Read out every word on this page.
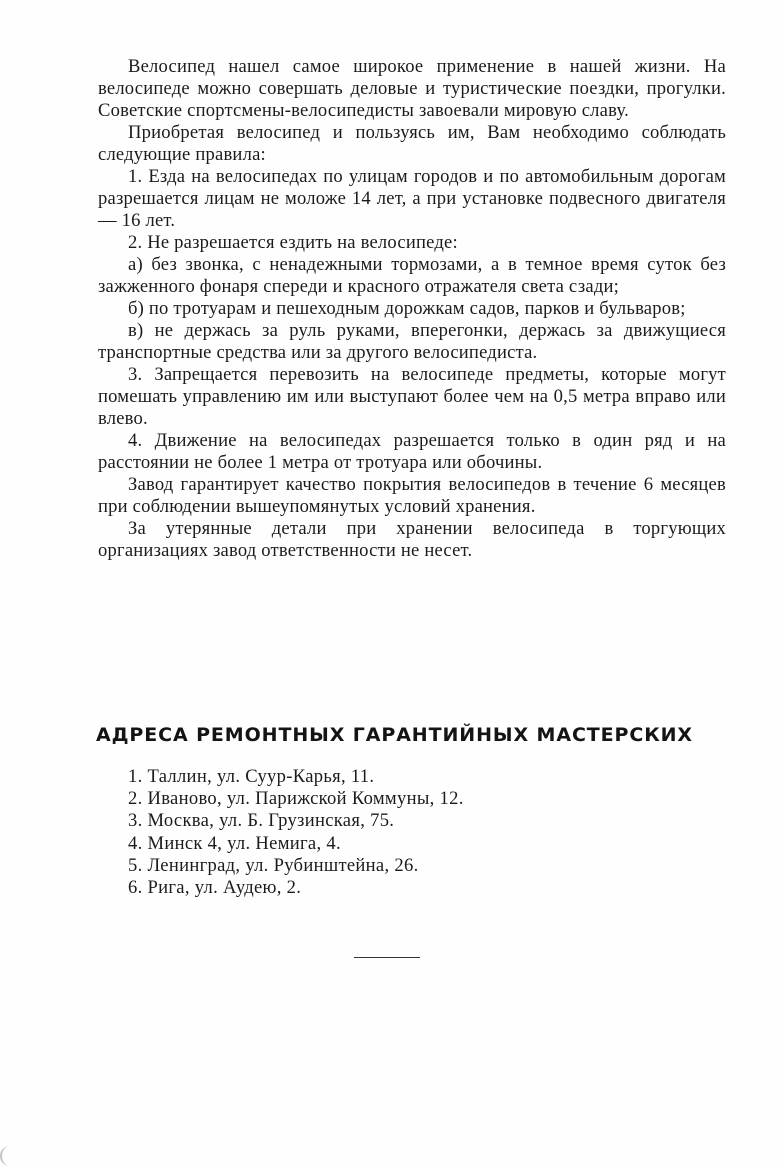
Велосипед нашел самое широкое применение в нашей жизни. На велосипеде можно совершать деловые и туристические поездки, прогулки. Советские спортсмены-велосипедисты завоевали мировую славу.

Приобретая велосипед и пользуясь им, Вам необходимо соблюдать следующие правила:

1. Езда на велосипедах по улицам городов и по автомобильным дорогам разрешается лицам не моложе 14 лет, а при установке подвесного двигателя — 16 лет.

2. Не разрешается ездить на велосипеде:

а) без звонка, с ненадежными тормозами, а в темное время суток без зажженного фонаря спереди и красного отражателя света сзади;

б) по тротуарам и пешеходным дорожкам садов, парков и бульваров;

в) не держась за руль руками, вперегонки, держась за движущиеся транспортные средства или за другого велосипедиста.

3. Запрещается перевозить на велосипеде предметы, которые могут помешать управлению им или выступают более чем на 0,5 метра вправо или влево.

4. Движение на велосипедах разрешается только в один ряд и на расстоянии не более 1 метра от тротуара или обочины.

Завод гарантирует качество покрытия велосипедов в течение 6 месяцев при соблюдении вышеупомянутых условий хранения.

За утерянные детали при хранении велосипеда в торгующих организациях завод ответственности не несет.

АДРЕСА РЕМОНТНЫХ ГАРАНТИЙНЫХ МАСТЕРСКИХ
1. Таллин, ул. Суур-Карья, 11.
2. Иваново, ул. Парижской Коммуны, 12.
3. Москва, ул. Б. Грузинская, 75.
4. Минск 4, ул. Немига, 4.
5. Ленинград, ул. Рубинштейна, 26.
6. Рига, ул. Аудею, 2.
